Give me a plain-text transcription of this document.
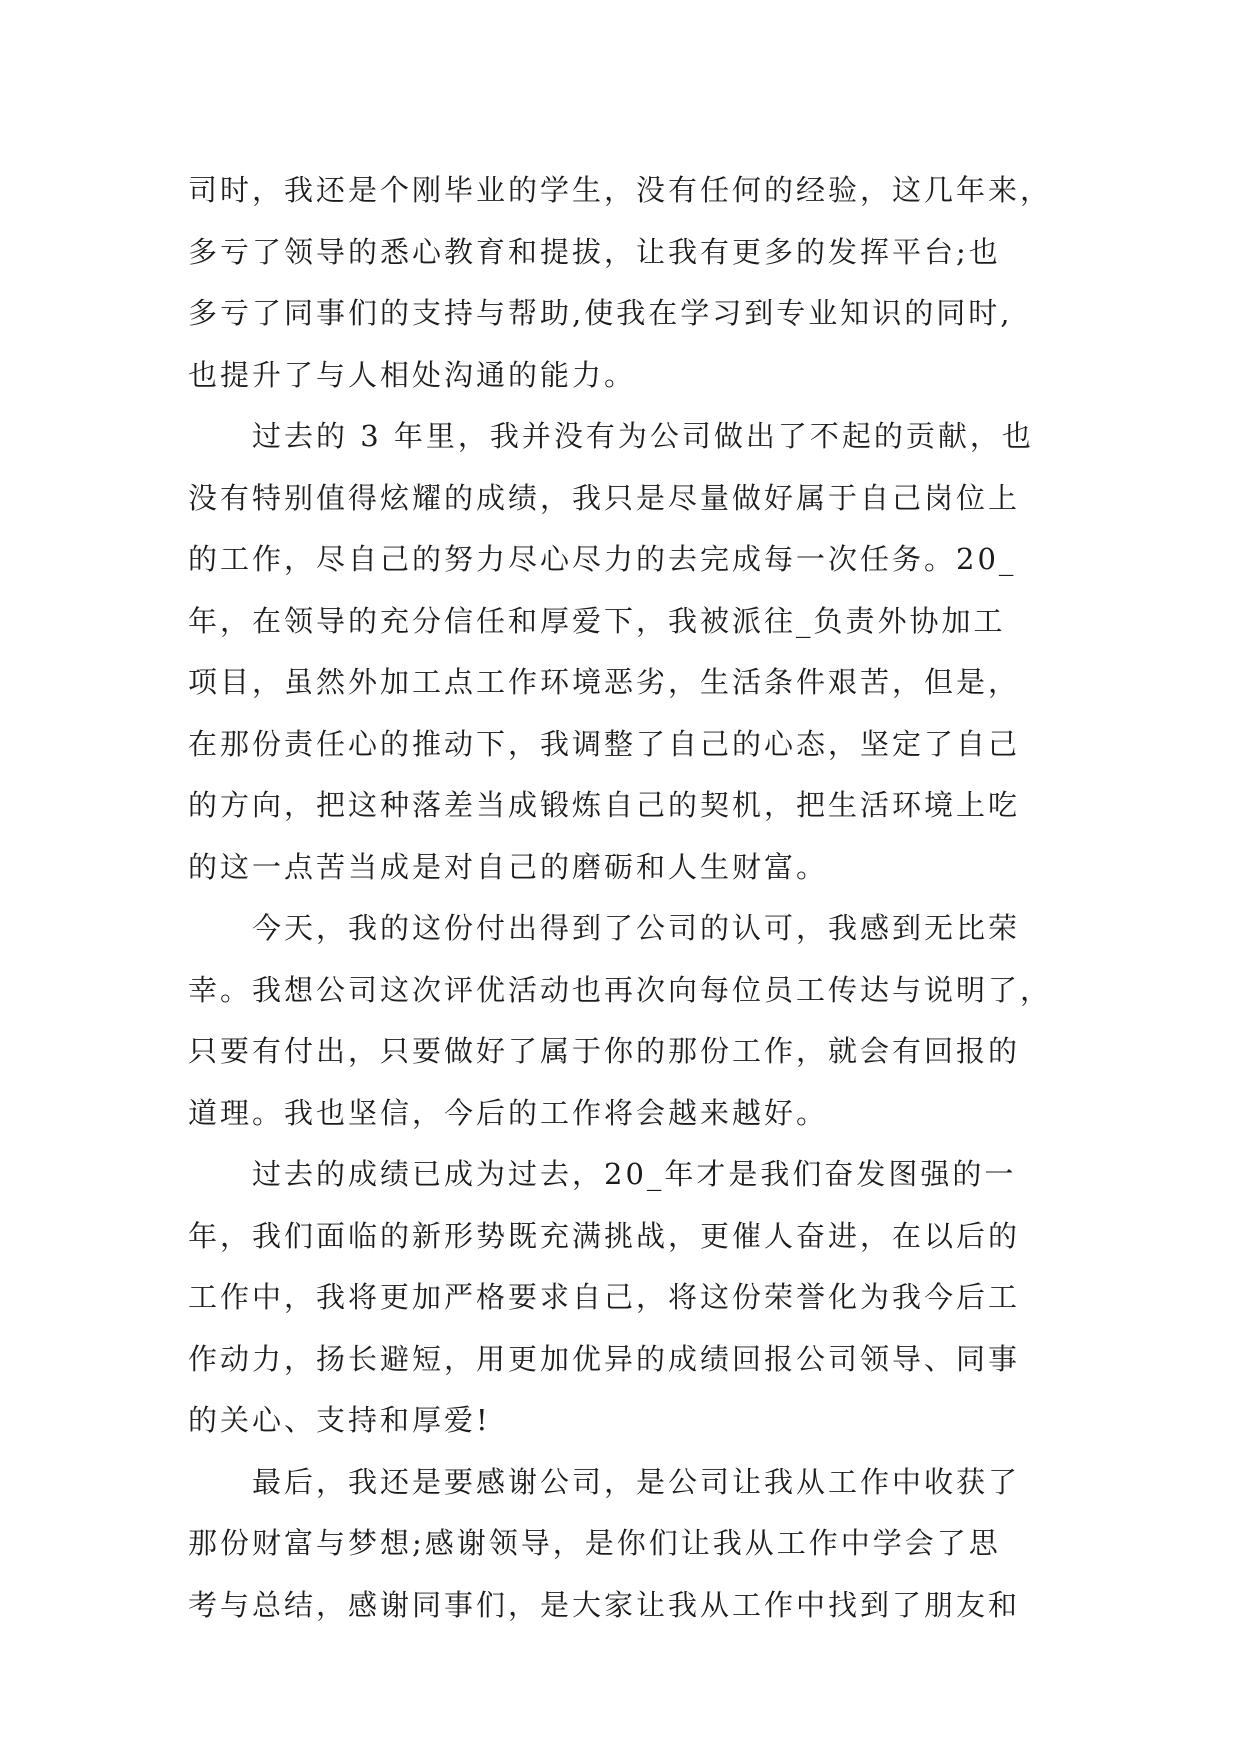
司时，我还是个刚毕业的学生，没有任何的经验，这几年来，
多亏了领导的悉心教育和提拔，让我有更多的发挥平台;也
多亏了同事们的支持与帮助,使我在学习到专业知识的同时,
也提升了与人相处沟通的能力。
过去的 3 年里，我并没有为公司做出了不起的贡献，也
没有特别值得炫耀的成绩，我只是尽量做好属于自己岗位上
的工作，尽自己的努力尽心尽力的去完成每一次任务。20_
年，在领导的充分信任和厚爱下，我被派往_负责外协加工
项目，虽然外加工点工作环境恶劣，生活条件艰苦，但是，
在那份责任心的推动下，我调整了自己的心态，坚定了自己
的方向，把这种落差当成锻炼自己的契机，把生活环境上吃
的这一点苦当成是对自己的磨砺和人生财富。
今天，我的这份付出得到了公司的认可，我感到无比荣
幸。我想公司这次评优活动也再次向每位员工传达与说明了，
只要有付出，只要做好了属于你的那份工作，就会有回报的
道理。我也坚信，今后的工作将会越来越好。
过去的成绩已成为过去，20_年才是我们奋发图强的一
年，我们面临的新形势既充满挑战，更催人奋进，在以后的
工作中，我将更加严格要求自己，将这份荣誉化为我今后工
作动力，扬长避短，用更加优异的成绩回报公司领导、同事
的关心、支持和厚爱!
最后，我还是要感谢公司，是公司让我从工作中收获了
那份财富与梦想;感谢领导，是你们让我从工作中学会了思
考与总结，感谢同事们，是大家让我从工作中找到了朋友和
